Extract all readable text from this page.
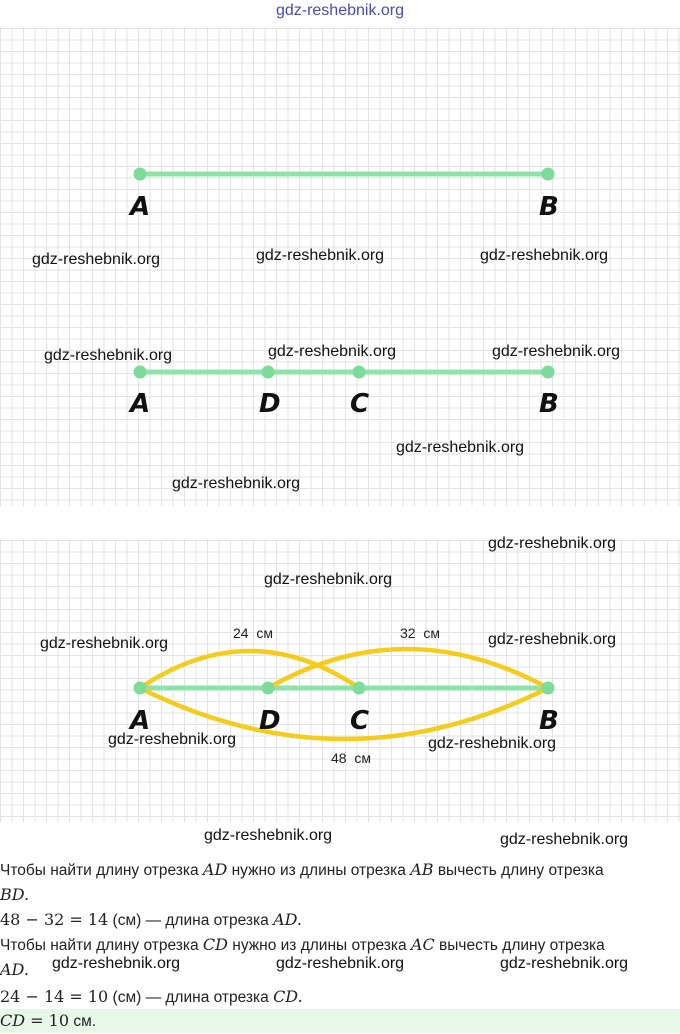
gdz-reshebnik.org
A	B
gdz-reshebnik.org	gdz-reshebnik.org	gdz-reshebnik.org
gdz-reshebnik.org	gdz-reshebnik.org	gdz-reshebnik.org
A	D	C	B
gdz-reshebnik.org
gdz-reshebnik.org
gdz-reshebnik.org
gdz-reshebnik.org
gdz-reshebnik.org	gdz-reshebnik.org
A	D	C	B
24  см	32  см
48  см
gdz-reshebnik.org	gdz-reshebnik.org
gdz-reshebnik.org	gdz-reshebnik.org
Чтобы найти длину отрезка AD нужно из длины отрезка AB вычесть длину отрезка
BD.
48 − 32 = 14 (см) — длина отрезка AD.
Чтобы найти длину отрезка CD нужно из длины отрезка AC вычесть длину отрезка
AD.	gdz-reshebnik.org	gdz-reshebnik.org	gdz-reshebnik.org
24 − 14 = 10 (см) — длина отрезка CD.
CD = 10 см.
